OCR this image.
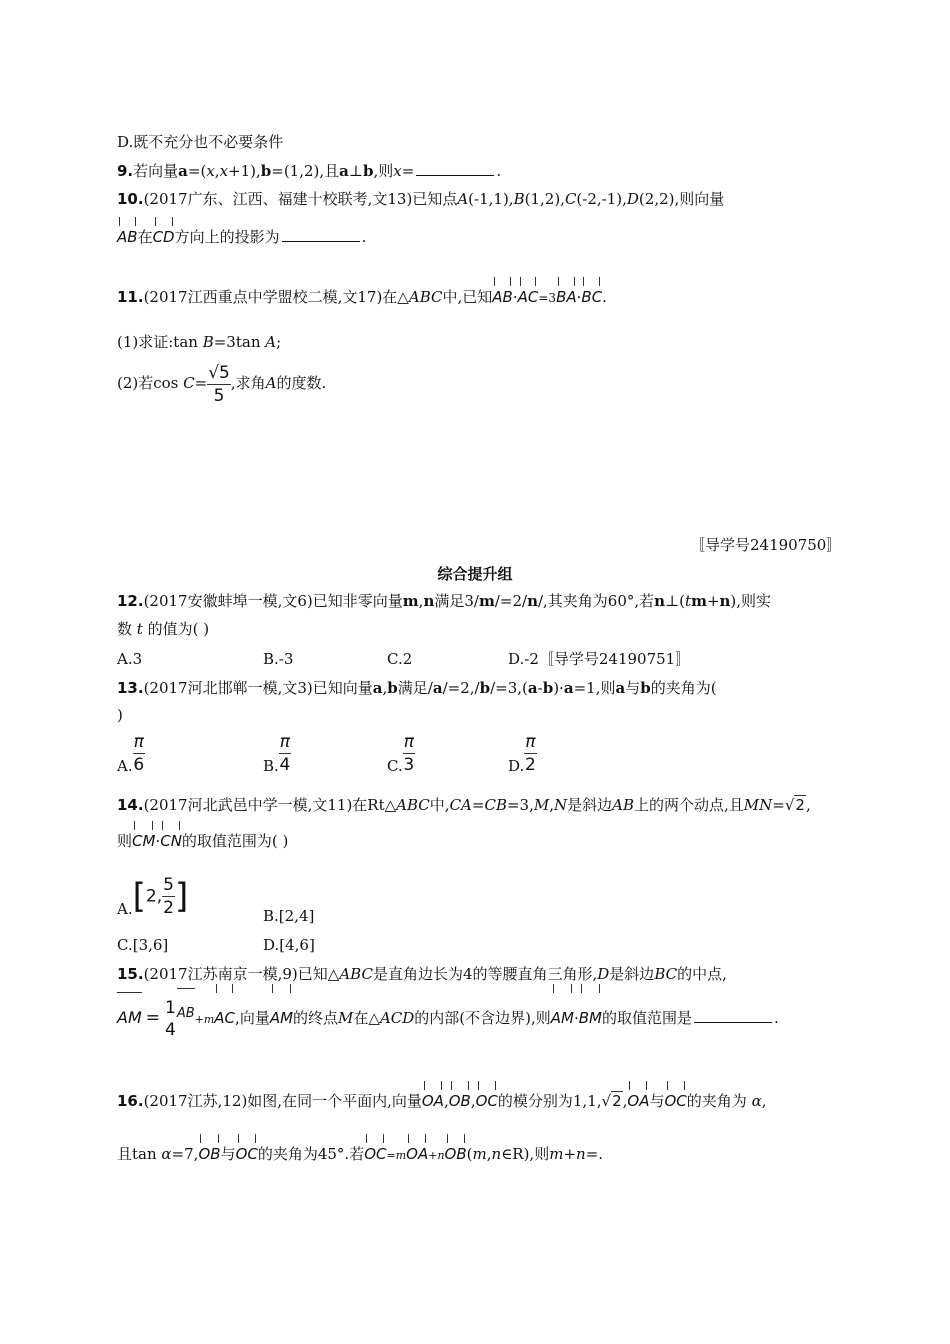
D.既不充分也不必要条件
9.若向量a=(x,x+1),b=(1,2),且a⊥b,则x=	.
10.(2017广东、江西、福建十校联考,文13)已知点A(-1,1),B(1,2),C(-2,-1),D(2,2),则向量
AB在CD方向上的投影为	.
11.(2017江西重点中学盟校二模,文17)在△ABC中,已知AB·AC=3BA·BC.
(1)求证:tan B=3tan A;
(2)若$\cos C= \frac{√5}{5}$ ,求角A的度数.
〚导学号24190750〛
综合提升组
12.(2017安徽蚌埠一模,文6)已知非零向量m,n满足3/m/=2/n/,其夹角为60°,若n⊥(tm+n),则实
数 t 的值为( )
A.3	B.-3	C.2	D.-2〚导学号24190751〛
13.(2017河北邯郸一模,文3)已知向量a,b满足/a/=2,/b/=3,(a-b)·a=1,则a与b的夹角为(
)
A. $\frac{\pi}{6}$	B. $\frac{\pi}{4}$	C. $\frac{\pi}{3}$	D. $\frac{\pi}{2}$
14.(2017河北武邑中学一模,文11)在Rt△ABC中,CA=CB=3,M,N是斜边AB上的两个动点,且MN=√2,
则CM·CN的取值范围为( )
A.[2, $\frac{5}{2}$ ]	B.[2,4]
C.[3,6]	D.[4,6]
15.(2017江苏南京一模,9)已知△ABC是直角边长为4的等腰直角三角形,D是斜边BC的中点,
AM = 1
4
AB+mAC,向量AM的终点M在△ACD的内部(不含边界),则AM·BM的取值范围是	.
16.(2017江苏,12)如图,在同一个平面内,向量OA,OB,OC的模分别为1,1,√2,OA与OC的夹角为 α,
且tan α=7,OB与OC的夹角为45°.若OC=mOA+nOB(m,n∈R),则m+n=.
